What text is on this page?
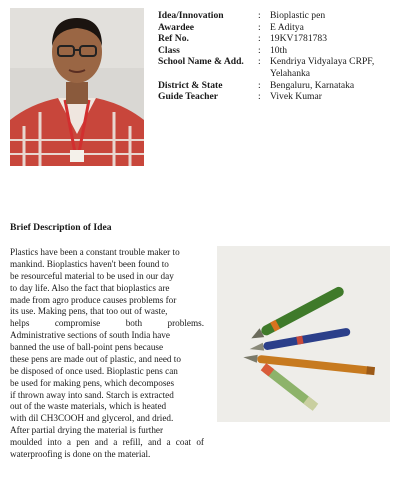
Idea/Innovation	: Bioplastic pen
Awardee	: E Aditya
Ref No.	: 19KV1781783
Class	: 10th
School Name & Add.	: Kendriya Vidyalaya CRPF,
Yelahanka
District & State	: Bengaluru, Karnataka
Guide Teacher	: Vivek Kumar
Brief Description of Idea
Plastics have been a constant trouble maker to
mankind. Bioplastics haven't been found to
be resourceful material to be used in our day
to day life. Also the fact that bioplastics are
made from agro produce causes problems for
its use. Making pens, that too out of waste,
helps compromise both problems.
Administrative sections of south India have
banned the use of ball-point pens because
these pens are made out of plastic, and need to
be disposed of once used. Bioplastic pens can
be used for making pens, which decomposes
if thrown away into sand. Starch is extracted
out of the waste materials, which is heated
with dil CH3COOH and glycerol, and dried.
After partial drying the material is further
moulded into a pen and a refill, and a coat of
waterproofing is done on the material.
